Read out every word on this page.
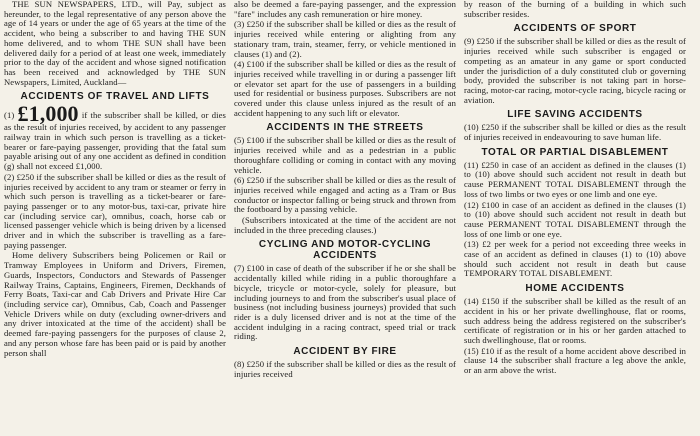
THE SUN NEWSPAPERS, LTD., will Pay, subject as hereunder, to the legal representative of any person above the age of 14 years or under the age of 65 years at the time of the accident, who being a subscriber to and having THE SUN home delivered, and to whom THE SUN shall have been delivered daily for a period of at least one week, immediately prior to the day of the accident and whose signed notification has been received and acknowledged by THE SUN Newspapers, Limited, Auckland—

ACCIDENTS OF TRAVEL AND LIFTS

(1) £1,000 if the subscriber shall be killed, or dies as the result of injuries received, by accident to any passenger railway train in which such person is travelling as a ticket-bearer or fare-paying passenger, providing that the fatal sum payable arising out of any one accident as defined in condition (g) shall not exceed £1,000.

(2) £250 if the subscriber shall be killed or dies as the result of injuries received by accident to any tram or steamer or ferry in which such person is travelling as a ticket-bearer or fare-paying passenger or to any motor-bus, taxi-car, private hire car (including service car), omnibus, coach, horse cab or licensed passenger vehicle which is being driven by a licensed driver and in which the subscriber is travelling as a fare-paying passenger.

Home delivery Subscribers being Policemen or Rail or Tramway Employees in Uniform and Drivers, Firemen, Guards, Inspectors, Conductors and Stewards of Passenger Railway Trains, Captains, Engineers, Firemen, Deckhands of Ferry Boats, Taxi-car and Cab Drivers and Private Hire Car (including service car), Omnibus, Cab, Coach and Passenger Vehicle Drivers while on duty (excluding owner-drivers and any driver intoxicated at the time of the accident) shall be deemed fare-paying passengers for the purposes of clause 2, and any person whose fare has been paid or is paid by another person shall

also be deemed a fare-paying passenger, and the expression "fare" includes any cash remuneration or hire money.

(3) £250 if the subscriber shall be killed or dies as the result of injuries received while entering or alighting from any stationary tram, train, steamer, ferry, or vehicle mentioned in clauses (1) and (2).

(4) £100 if the subscriber shall be killed or dies as the result of injuries received while travelling in or during a passenger lift or elevator set apart for the use of passengers in a building used for residential or business purposes. Subscribers are not covered under this clause unless injured as the result of an accident happening to any such lift or elevator.

ACCIDENTS IN THE STREETS

(5) £100 if the subscriber shall be killed or dies as the result of injuries received while and as a pedestrian in a public thoroughfare colliding or coming in contact with any moving vehicle.

(6) £250 if the subscriber shall be killed or dies as the result of injuries received while engaged and acting as a Tram or Bus conductor or inspector falling or being struck and thrown from the footboard by a passing vehicle.

(Subscribers intoxicated at the time of the accident are not included in the three preceding clauses.)

CYCLING AND MOTOR-CYCLING ACCIDENTS

(7) £100 in case of death of the subscriber if he or she shall be accidentally killed while riding in a public thoroughfare a bicycle, tricycle or motor-cycle, solely for pleasure, but including journeys to and from the subscriber's usual place of business (not including business journeys) provided that such rider is a duly licensed driver and is not at the time of the accident indulging in a racing contract, speed trial or track riding.

ACCIDENT BY FIRE

(8) £250 if the subscriber shall be killed or dies as the result of injuries received

by reason of the burning of a building in which such subscriber resides.

ACCIDENTS OF SPORT

(9) £250 if the subscriber shall be killed or dies as the result of injuries received while such subscriber is engaged or competing as an amateur in any game or sport conducted under the jurisdiction of a duly constituted club or governing body, provided the subscriber is not taking part in horse-racing, motor-car racing, motor-cycle racing, bicycle racing or aviation.

LIFE SAVING ACCIDENTS

(10) £250 if the subscriber shall be killed or dies as the result of injuries received in endeavouring to save human life.

TOTAL OR PARTIAL DISABLEMENT

(11) £250 in case of an accident as defined in the clauses (1) to (10) above should such accident not result in death but cause PERMANENT TOTAL DISABLEMENT through the loss of two limbs or two eyes or one limb and one eye.

(12) £100 in case of an accident as defined in the clauses (1) to (10) above should such accident not result in death but cause PERMANENT TOTAL DISABLEMENT through the loss of one limb or one eye.

(13) £2 per week for a period not exceeding three weeks in case of an accident as defined in clauses (1) to (10) above should such accident not result in death but cause TEMPORARY TOTAL DISABLEMENT.

HOME ACCIDENTS

(14) £150 if the subscriber shall be killed as the result of an accident in his or her private dwellinghouse, flat or rooms, such address being the address registered on the subscriber's certificate of registration or in his or her garden attached to such dwellinghouse, flat or rooms.

(15) £10 if as the result of a home accident above described in clause 14 the subscriber shall fracture a leg above the ankle, or an arm above the wrist.
